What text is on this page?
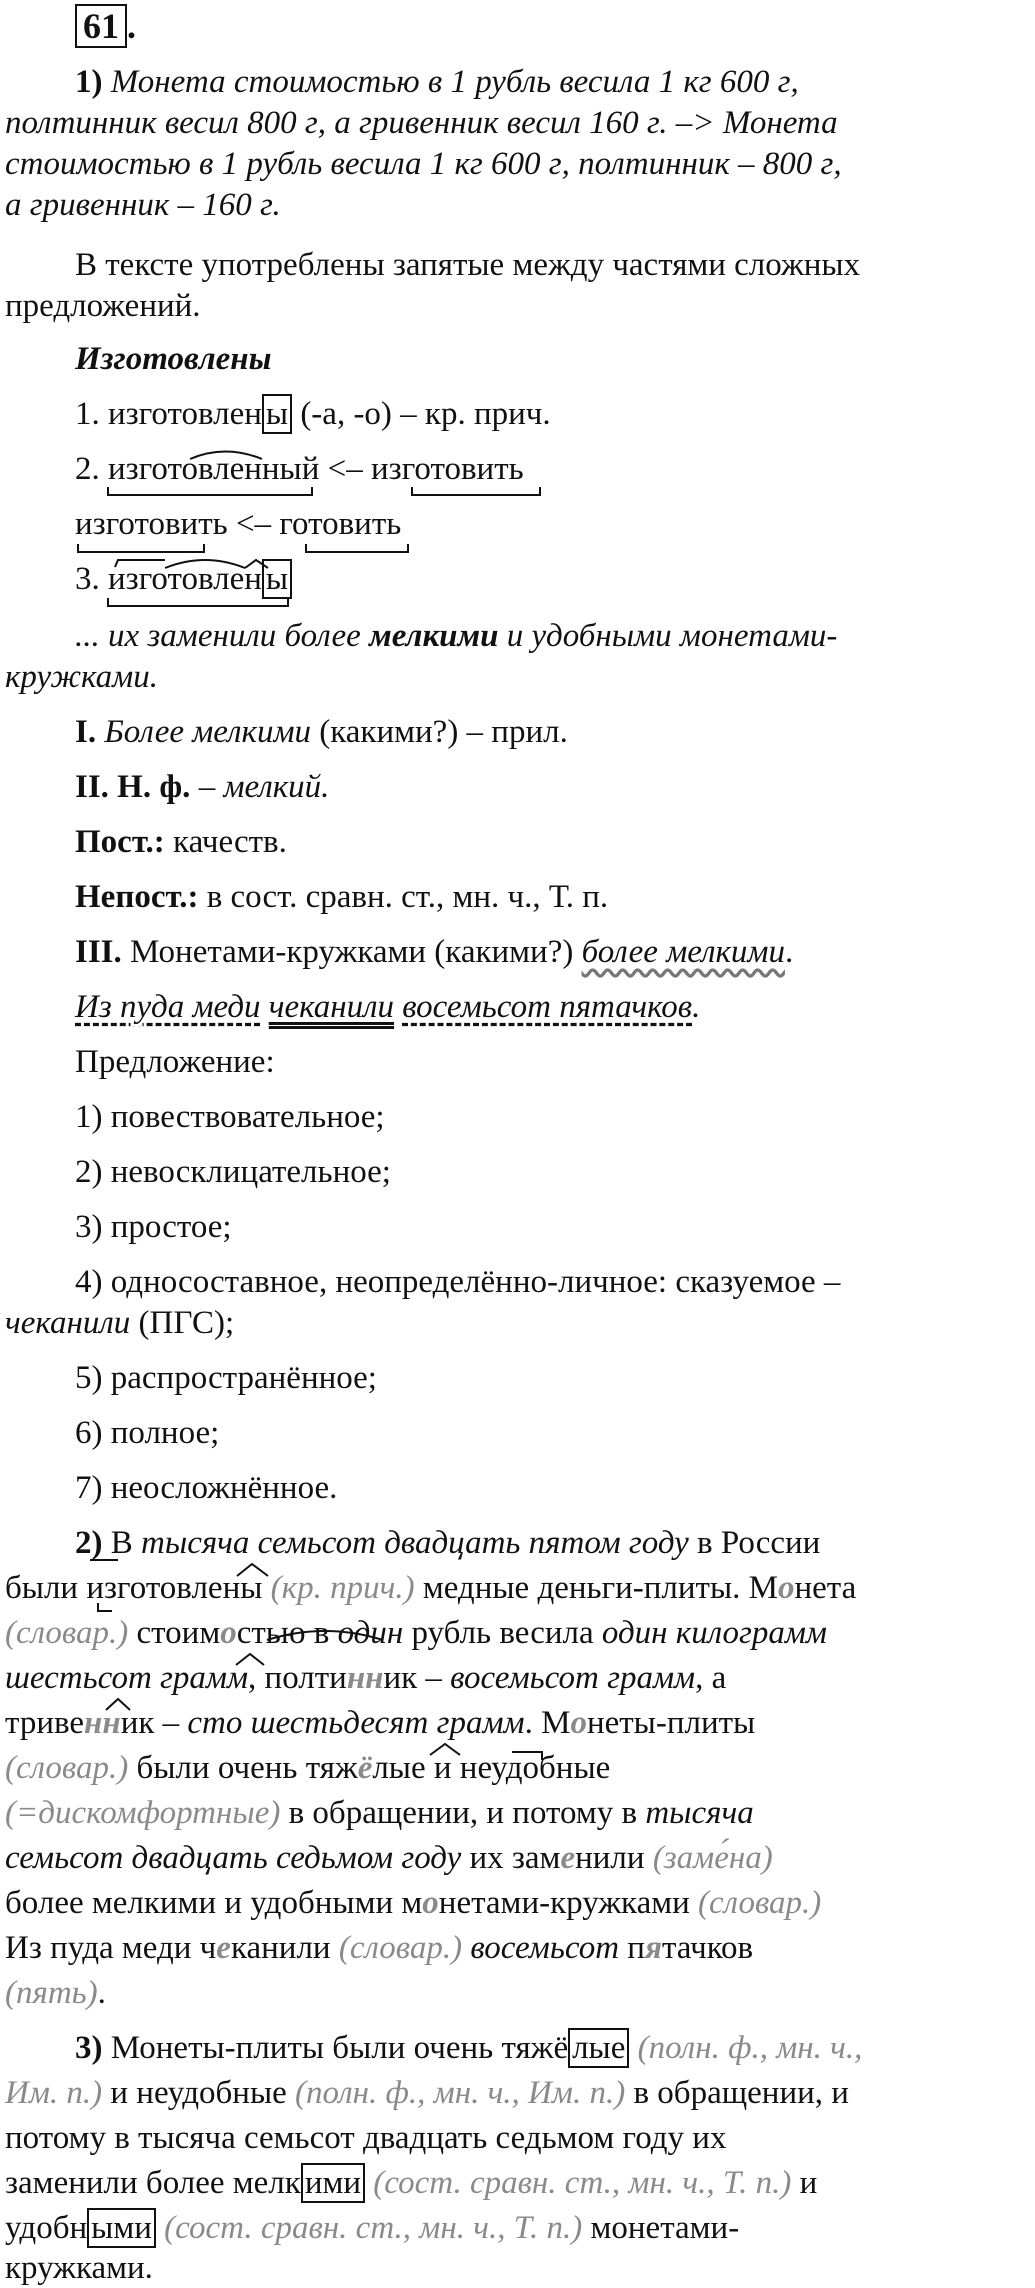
61 .
1) Монета стоимостью в 1 рубль весила 1 кг 600 г,
полтинник весил 800 г, а гривенник весил 160 г. –> Монета
стоимостью в 1 рубль весила 1 кг 600 г, полтинник – 800 г,
а гривенник – 160 г.
В тексте употреблены запятые между частями сложных
предложений.
Изготовлены
1. изготовлен ы (-а, -о) – кр. прич.
2. изготовленный <– изготовить
изготовить <– готовить
3. изготовлен ы
... их заменили более мелкими и удобными монетами-
кружками.
I. Более мелкими (какими?) – прил.
II. Н. ф. – мелкий.
Пост.: качеств.
Непост.: в сост. сравн. ст., мн. ч., Т. п.
III. Монетами-кружками (какими?) более мелкими.
Из пуда меди чеканили восемьсот пятачков.
Предложение:
1) повествовательное;
2) невосклицательное;
3) простое;
4) односоставное, неопределённо-личное: сказуемое –
чеканили (ПГС);
5) распространённое;
6) полное;
7) неосложнённое.
2) В тысяча семьсот двадцать пятом году в России
были изготовлены (кр. прич.) медные деньги-плиты. Монета
(словар.) стоимостью в один рубль весила один килограмм
шестьсот грамм, полтинник – восемьсот грамм, а
тривенник – сто шестьдесят грамм. Монеты-плиты
(словар.) были очень тяжёлые и неудобные
(=дискомфортные) в обращении, и потому в тысяча
семьсот двадцать седьмом году их заменили (заме́на)
более мелкими и удобными монетами-кружками (словар.)
Из пуда меди чеканили (словар.) восемьсот пятачков
(пять).
3) Монеты-плиты были очень тяжё лые (полн. ф., мн. ч.,
Им. п.) и неудобные (полн. ф., мн. ч., Им. п.) в обращении, и
потому в тысяча семьсот двадцать седьмом году их
заменили более мелк ими (сост. сравн. ст., мн. ч., Т. п.) и
удобн ыми (сост. сравн. ст., мн. ч., Т. п.) монетами-
кружками.
